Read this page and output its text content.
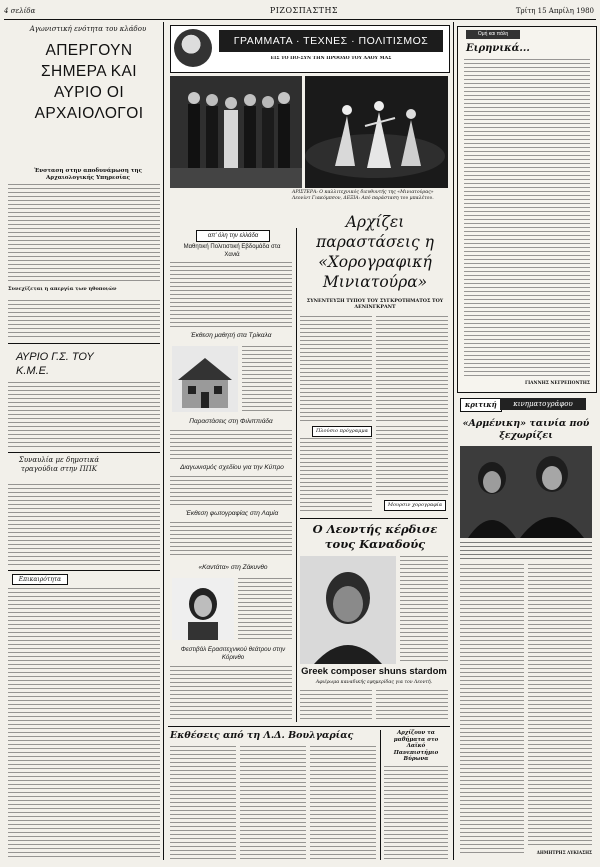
4 σελίδα	ΡΙΖΟΣΠΑΣΤΗΣ	Τρίτη 15 Απρίλη 1980
Αγωνιστική ενότητα του κλάδου
ΑΠΕΡΓΟΥΝ ΣΗΜΕΡΑ ΚΑΙ ΑΥΡΙΟ ΟΙ ΑΡΧΑΙΟΛΟΓΟΙ
Ένσταση στην αποδυνάμωση της Αρχαιολογικής Υπηρεσίας
Συνεχίζεται η απεργία των ηθοποιών
ΑΥΡΙΟ Γ.Σ. ΤΟΥ Κ.Μ.Ε.
Συναυλία με δημοτικά τραγούδια στην ΠΠΚ
Επικαιρότητα
ΓΡΑΜΜΑΤΑ · ΤΕΧΝΕΣ · ΠΟΛΙΤΙΣΜΟΣ
ΕΙΣ ΤΟ ΠΟ-ΣΥΝ ΤΗΝ ΠΡΟΟΔΟ ΤΟΥ ΛΑΟΥ ΜΑΣ
ΑΡΙΣΤΕΡΑ: Ο καλλιτεχνικός διευθυντής της «Μινιατούρας» Λεονίντ Γιακόμπσον, ΔΕΞΙΑ: Από παράσταση του μπαλέτου.
απ' όλη την ελλάδα
Μαθητική Πολιτιστική Εβδομάδα στα Χανιά
Έκθεση μαθητή στα Τρίκαλα
Παραστάσεις στη Φιλιππιάδα
Διαγωνισμός σχεδίου για την Κύπρο
Έκθεση φωτογραφίας στη Λαμία
«Καντάτα» στη Ζάκυνθο
Φεστιβάλ Ερασιτεχνικού θεάτρου στην Κόρινθο
Αρχίζει παραστάσεις η «Χορογραφική Μινιατούρα»
ΣΥΝΕΝΤΕΥΞΗ ΤΥΠΟΥ ΤΟΥ ΣΥΓΚΡΟΤΗΜΑΤΟΣ ΤΟΥ ΛΕΝΙΝΓΚΡΑΝΤ
Πλούσιο πρόγραμμα
Μουρσιν χορογραφία
Ο Λεοντής κέρδισε τους Καναδούς
Greek composer shuns stardom
Αφιέρωμα καναδικής εφημερίδας για τον Λεοντή.
Εκθέσεις από τη Λ.Δ. Βουλγαρίας	Αρχίζουν τα μαθήματα στο Λαϊκό Πανεπιστήμιο Βύρωνα
Ομή και πάλη
Ειρηνικά...
ΓΙΑΝΝΗΣ ΝΕΓΡΕΠΟΝΤΗΣ
κριτική	κινηματογράφου
«Αρμένικη» ταινία πού ξεχωρίζει
ΔΗΜΗΤΡΗΣ ΛΥΚΙΑΣΗΣ
